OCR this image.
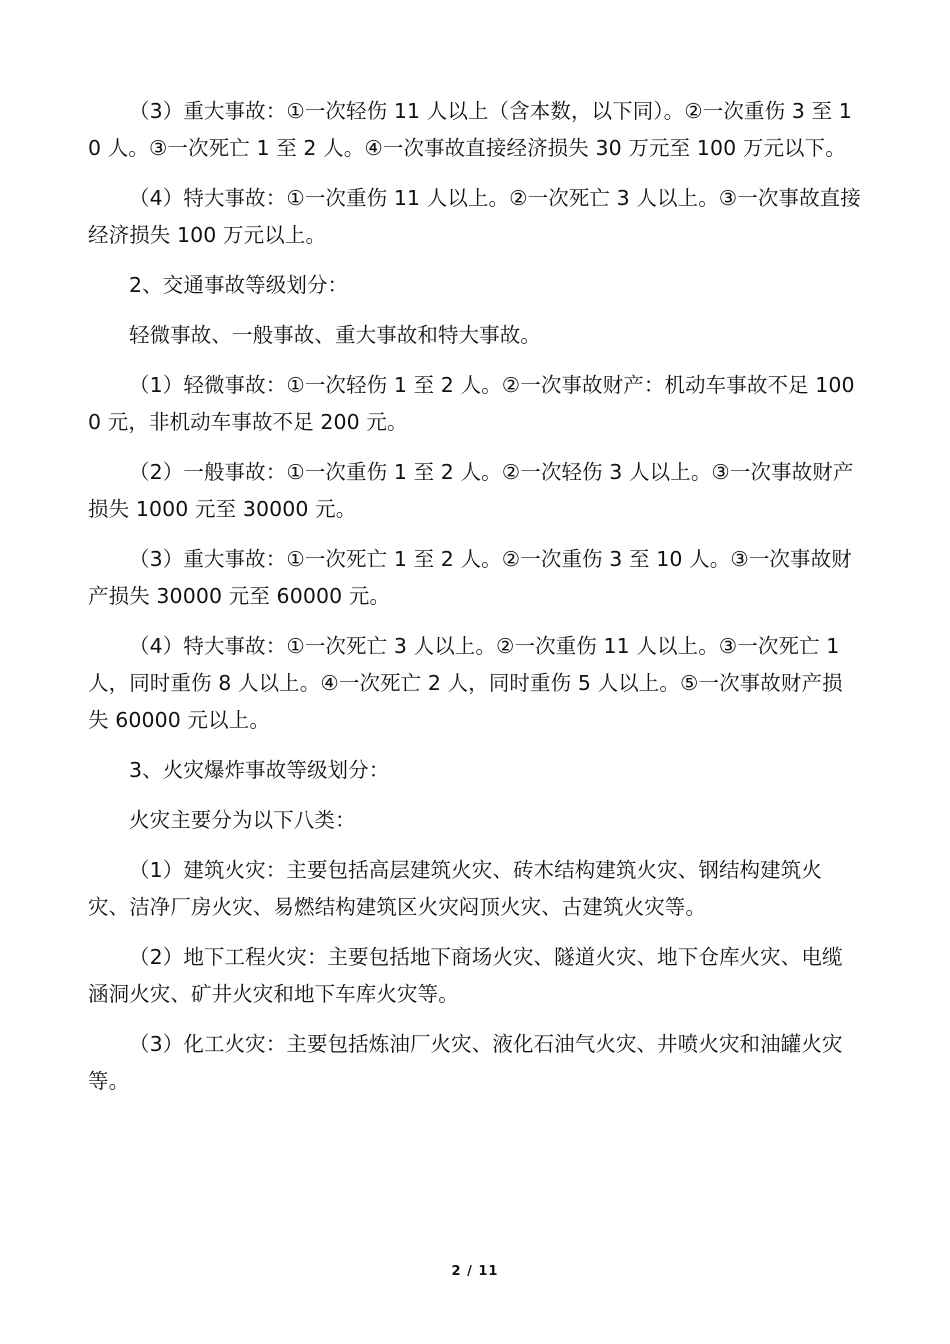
（3）重大事故：①一次轻伤 11 人以上（含本数，以下同）。②一次重伤 3 至 10 人。③一次死亡 1 至 2 人。④一次事故直接经济损失 30 万元至 100 万元以下。

（4）特大事故：①一次重伤 11 人以上。②一次死亡 3 人以上。③一次事故直接经济损失 100 万元以上。

2、交通事故等级划分：

轻微事故、一般事故、重大事故和特大事故。

（1）轻微事故：①一次轻伤 1 至 2 人。②一次事故财产：机动车事故不足 1000 元，非机动车事故不足 200 元。

（2）一般事故：①一次重伤 1 至 2 人。②一次轻伤 3 人以上。③一次事故财产损失 1000 元至 30000 元。

（3）重大事故：①一次死亡 1 至 2 人。②一次重伤 3 至 10 人。③一次事故财产损失 30000 元至 60000 元。

（4）特大事故：①一次死亡 3 人以上。②一次重伤 11 人以上。③一次死亡 1 人，同时重伤 8 人以上。④一次死亡 2 人，同时重伤 5 人以上。⑤一次事故财产损失 60000 元以上。

3、火灾爆炸事故等级划分：

火灾主要分为以下八类：

（1）建筑火灾：主要包括高层建筑火灾、砖木结构建筑火灾、钢结构建筑火灾、洁净厂房火灾、易燃结构建筑区火灾闷顶火灾、古建筑火灾等。

（2）地下工程火灾：主要包括地下商场火灾、隧道火灾、地下仓库火灾、电缆涵洞火灾、矿井火灾和地下车库火灾等。

（3）化工火灾：主要包括炼油厂火灾、液化石油气火灾、井喷火灾和油罐火灾等。

2 / 11
